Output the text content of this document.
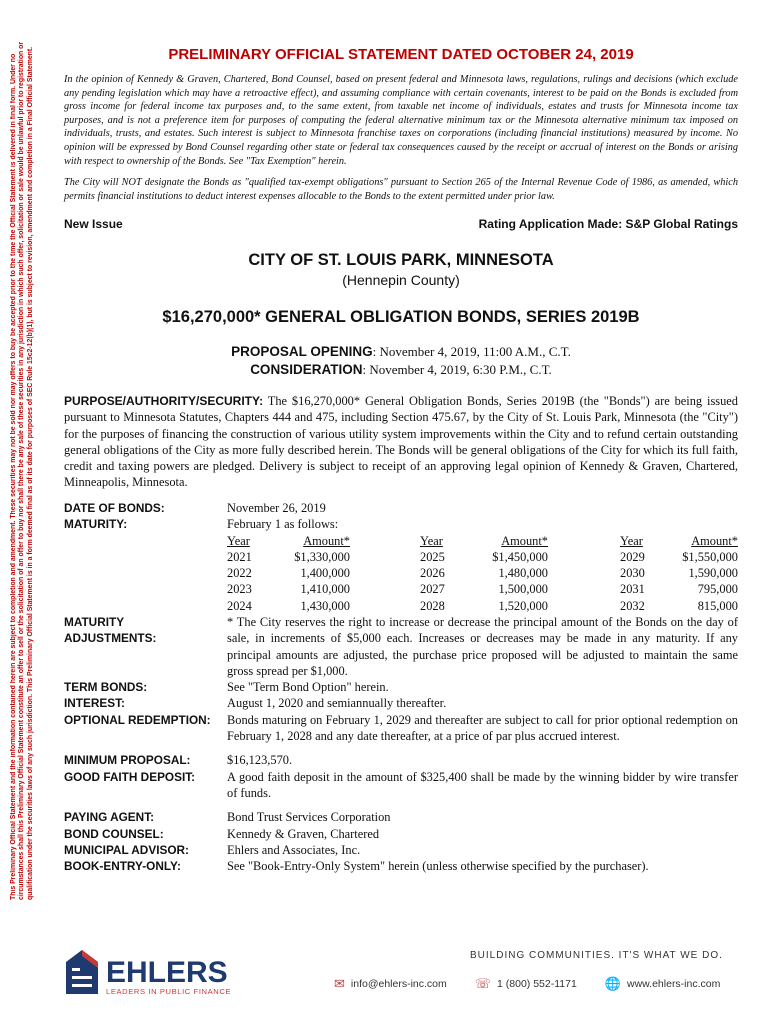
This Preliminary Official Statement and the information contained herein are subject to completion and amendment. These securities may not be sold nor may offers to buy be accepted prior to the time the Official Statement is delivered in final form. Under no circumstances shall this Preliminary Official Statement constitute an offer to sell or the solicitation of an offer to buy nor shall there be any sale of these securities in any jurisdiction in which such offer, solicitation or sale would be unlawful prior to registration or qualification under the securities laws of any such jurisdiction. This Preliminary Official Statement is in a form deemed final as of its date for purposes of SEC Rule 15c2-12(b)(1), but is subject to revision, amendment and completion in a Final Official Statement.	PRELIMINARY OFFICIAL STATEMENT DATED OCTOBER 24, 2019

In the opinion of Kennedy & Graven, Chartered, Bond Counsel, based on present federal and Minnesota laws, regulations, rulings and decisions (which exclude any pending legislation which may have a retroactive effect), and assuming compliance with certain covenants, interest to be paid on the Bonds is excluded from gross income for federal income tax purposes and, to the same extent, from taxable net income of individuals, estates and trusts for Minnesota income tax purposes, and is not a preference item for purposes of computing the federal alternative minimum tax or the Minnesota alternative minimum tax imposed on individuals, trusts, and estates. Such interest is subject to Minnesota franchise taxes on corporations (including financial institutions) measured by income. No opinion will be expressed by Bond Counsel regarding other state or federal tax consequences caused by the receipt or accrual of interest on the Bonds or arising with respect to ownership of the Bonds. See "Tax Exemption" herein.

The City will NOT designate the Bonds as "qualified tax-exempt obligations" pursuant to Section 265 of the Internal Revenue Code of 1986, as amended, which permits financial institutions to deduct interest expenses allocable to the Bonds to the extent permitted under prior law.

New Issue	Rating Application Made: S&P Global Ratings
CITY OF ST. LOUIS PARK, MINNESOTA
(Hennepin County)
$16,270,000* GENERAL OBLIGATION BONDS, SERIES 2019B
PROPOSAL OPENING: November 4, 2019, 11:00 A.M., C.T.
CONSIDERATION: November 4, 2019, 6:30 P.M., C.T.
PURPOSE/AUTHORITY/SECURITY: The $16,270,000* General Obligation Bonds, Series 2019B (the "Bonds") are being issued pursuant to Minnesota Statutes, Chapters 444 and 475, including Section 475.67, by the City of St. Louis Park, Minnesota (the "City") for the purposes of financing the construction of various utility system improvements within the City and to refund certain outstanding general obligations of the City as more fully described herein. The Bonds will be general obligations of the City for which its full faith, credit and taxing powers are pledged. Delivery is subject to receipt of an approving legal opinion of Kennedy & Graven, Chartered, Minneapolis, Minnesota.
DATE OF BONDS:	November 26, 2019
MATURITY:	February 1 as follows:
Year	Amount*	Year	Amount*	Year	Amount*
2021	$1,330,000	2025	$1,450,000	2029	$1,550,000
2022	1,400,000	2026	1,480,000	2030	1,590,000
2023	1,410,000	2027	1,500,000	2031	795,000
2024	1,430,000	2028	1,520,000	2032	815,000
MATURITY
ADJUSTMENTS:
* The City reserves the right to increase or decrease the principal amount of the Bonds on the day of sale, in increments of $5,000 each. Increases or decreases may be made in any maturity. If any principal amounts are adjusted, the purchase price proposed will be adjusted to maintain the same gross spread per $1,000.
TERM BONDS:	See "Term Bond Option" herein.
INTEREST:	August 1, 2020 and semiannually thereafter.
OPTIONAL REDEMPTION:	Bonds maturing on February 1, 2029 and thereafter are subject to call for prior optional redemption on February 1, 2028 and any date thereafter, at a price of par plus accrued interest.
MINIMUM PROPOSAL:	$16,123,570.
GOOD FAITH DEPOSIT:	A good faith deposit in the amount of $325,400 shall be made by the winning bidder by wire transfer of funds.
PAYING AGENT:	Bond Trust Services Corporation
BOND COUNSEL:	Kennedy & Graven, Chartered
MUNICIPAL ADVISOR:	Ehlers and Associates, Inc.
BOOK-ENTRY-ONLY:	See "Book-Entry-Only System" herein (unless otherwise specified by the purchaser).
EHLERS
LEADERS IN PUBLIC FINANCE
BUILDING COMMUNITIES. IT'S WHAT WE DO.
✉ info@ehlers-inc.com ☏ 1 (800) 552-1171 🌐 www.ehlers-inc.com
